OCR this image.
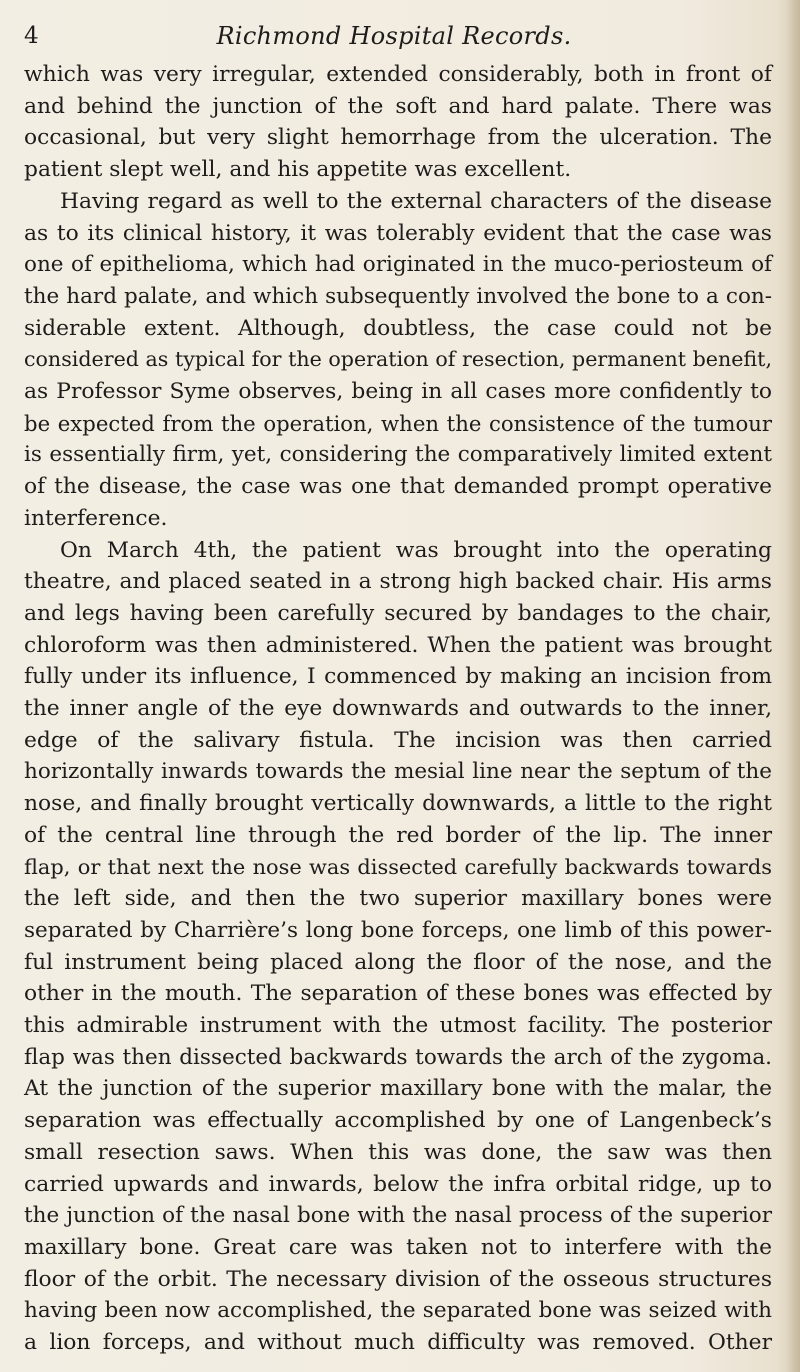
4	Richmond Hospital Records.
which was very irregular, extended considerably, both in front of
and behind the junction of the soft and hard palate. There was
occasional, but very slight hemorrhage from the ulceration. The
patient slept well, and his appetite was excellent.
Having regard as well to the external characters of the disease
as to its clinical history, it was tolerably evident that the case was
one of epithelioma, which had originated in the muco-periosteum of
the hard palate, and which subsequently involved the bone to a con-
siderable extent. Although, doubtless, the case could not be
considered as typical for the operation of resection, permanent benefit,
as Professor Syme observes, being in all cases more confidently to
be expected from the operation, when the consistence of the tumour
is essentially firm, yet, considering the comparatively limited extent
of the disease, the case was one that demanded prompt operative
interference.
On March 4th, the patient was brought into the operating
theatre, and placed seated in a strong high backed chair. His arms
and legs having been carefully secured by bandages to the chair,
chloroform was then administered. When the patient was brought
fully under its influence, I commenced by making an incision from
the inner angle of the eye downwards and outwards to the inner,
edge of the salivary fistula. The incision was then carried
horizontally inwards towards the mesial line near the septum of the
nose, and finally brought vertically downwards, a little to the right
of the central line through the red border of the lip. The inner
flap, or that next the nose was dissected carefully backwards towards
the left side, and then the two superior maxillary bones were
separated by Charrière’s long bone forceps, one limb of this power-
ful instrument being placed along the floor of the nose, and the
other in the mouth. The separation of these bones was effected by
this admirable instrument with the utmost facility. The posterior
flap was then dissected backwards towards the arch of the zygoma.
At the junction of the superior maxillary bone with the malar, the
separation was effectually accomplished by one of Langenbeck’s
small resection saws. When this was done, the saw was then
carried upwards and inwards, below the infra orbital ridge, up to
the junction of the nasal bone with the nasal process of the superior
maxillary bone. Great care was taken not to interfere with the
floor of the orbit. The necessary division of the osseous structures
having been now accomplished, the separated bone was seized with
a lion forceps, and without much difficulty was removed. Other
